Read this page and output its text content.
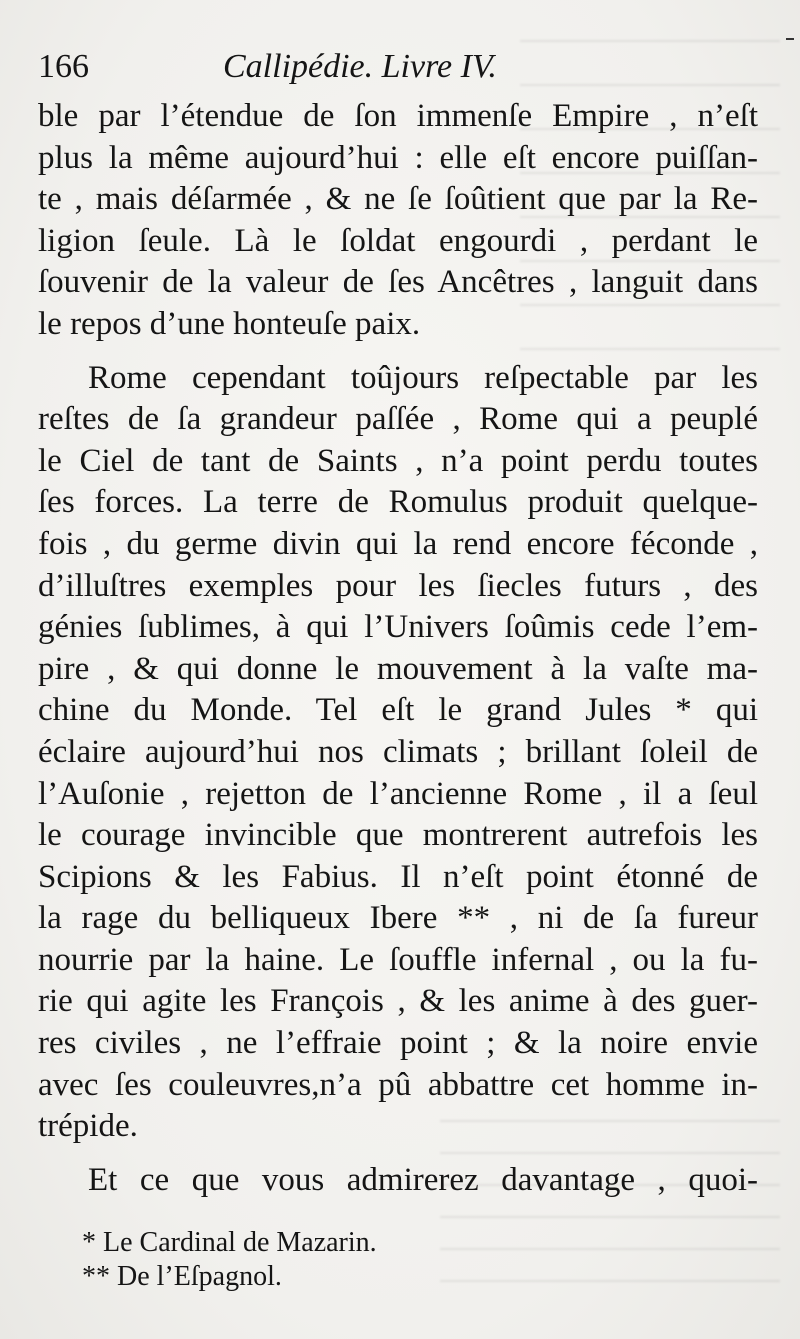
166	Callipédie. Livre IV.
ble par l’étendue de ſon immenſe Empire , n’eſt
plus la même aujourd’hui : elle eſt encore puiſſan-
te , mais déſarmée , & ne ſe ſoûtient que par la Re-
ligion ſeule. Là le ſoldat engourdi , perdant le
ſouvenir de la valeur de ſes Ancêtres , languit dans
le repos d’une honteuſe paix.
Rome cependant toûjours reſpectable par les
reſtes de ſa grandeur paſſée , Rome qui a peuplé
le Ciel de tant de Saints , n’a point perdu toutes
ſes forces. La terre de Romulus produit quelque-
fois , du germe divin qui la rend encore féconde ,
d’illuſtres exemples pour les ſiecles futurs , des
génies ſublimes, à qui l’Univers ſoûmis cede l’em-
pire , & qui donne le mouvement à la vaſte ma-
chine du Monde. Tel eſt le grand Jules * qui
éclaire aujourd’hui nos climats ; brillant ſoleil de
l’Auſonie , rejetton de l’ancienne Rome , il a ſeul
le courage invincible que montrerent autrefois les
Scipions & les Fabius. Il n’eſt point étonné de
la rage du belliqueux Ibere ** , ni de ſa fureur
nourrie par la haine. Le ſouffle infernal , ou la fu-
rie qui agite les François , & les anime à des guer-
res civiles , ne l’effraie point ; & la noire envie
avec ſes couleuvres,n’a pû abbattre cet homme in-
trépide.
Et ce que vous admirerez davantage , quoi-
* Le Cardinal de Mazarin.
** De l’Eſpagnol.
